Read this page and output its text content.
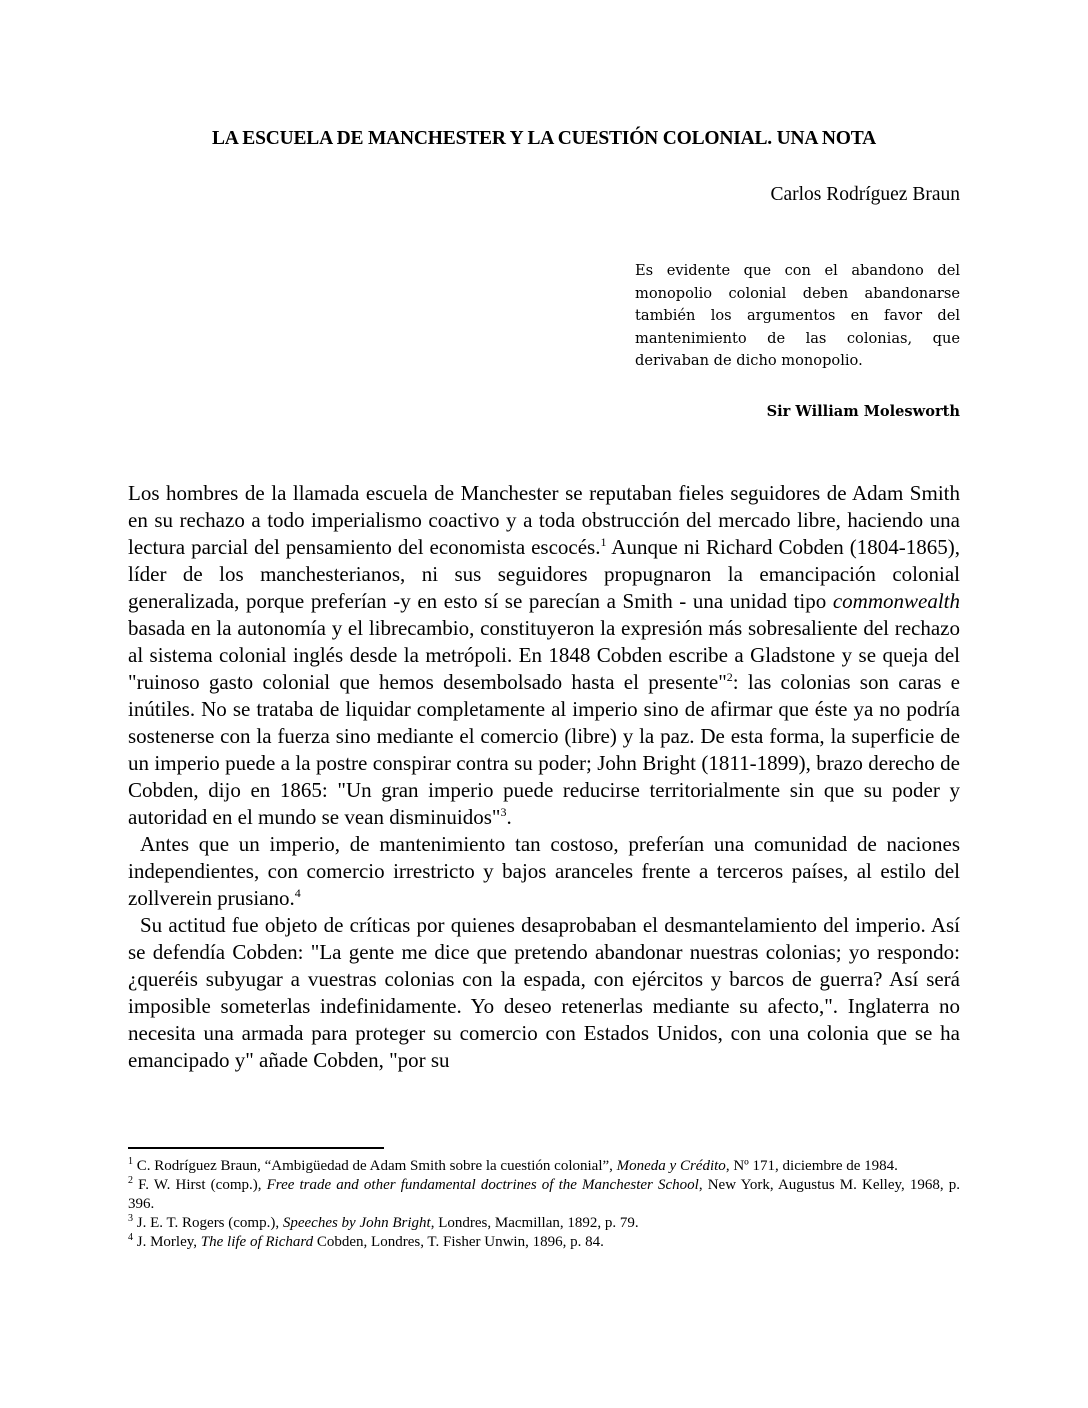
LA ESCUELA DE MANCHESTER Y LA CUESTIÓN COLONIAL. UNA NOTA
Carlos Rodríguez Braun
Es evidente que con el abandono del monopolio colonial deben abandonarse también los argumentos en favor del mantenimiento de las colonias, que derivaban de dicho monopolio.
Sir William Molesworth

Los hombres de la llamada escuela de Manchester se reputaban fieles seguidores de Adam Smith en su rechazo a todo imperialismo coactivo y a toda obstrucción del mercado libre, haciendo una lectura parcial del pensamiento del economista escocés.$^1$ Aunque ni Richard Cobden (1804-1865), líder de los manchesterianos, ni sus seguidores propugnaron la emancipación colonial generalizada, porque preferían -y en esto sí se parecían a Smith - una unidad tipo commonwealth basada en la autonomía y el librecambio, constituyeron la expresión más sobresaliente del rechazo al sistema colonial inglés desde la metrópoli. En 1848 Cobden escribe a Gladstone y se queja del "ruinoso gasto colonial que hemos desembolsado hasta el presente"$^2$: las colonias son caras e inútiles. No se trataba de liquidar completamente al imperio sino de afirmar que éste ya no podría sostenerse con la fuerza sino mediante el comercio (libre) y la paz. De esta forma, la superficie de un imperio puede a la postre conspirar contra su poder; John Bright (1811-1899), brazo derecho de Cobden, dijo en 1865: "Un gran imperio puede reducirse territorialmente sin que su poder y autoridad en el mundo se vean disminuidos"$^3$.

Antes que un imperio, de mantenimiento tan costoso, preferían una comunidad de naciones independientes, con comercio irrestricto y bajos aranceles frente a terceros países, al estilo del zollverein prusiano.$^4$

Su actitud fue objeto de críticas por quienes desaprobaban el desmantelamiento del imperio. Así se defendía Cobden: "La gente me dice que pretendo abandonar nuestras colonias; yo respondo: ¿queréis subyugar a vuestras colonias con la espada, con ejércitos y barcos de guerra? Así será imposible someterlas indefinidamente. Yo deseo retenerlas mediante su afecto,". Inglaterra no necesita una armada para proteger su comercio con Estados Unidos, con una colonia que se ha emancipado y" añade Cobden, "por su

$^1$ C. Rodríguez Braun, “Ambigüedad de Adam Smith sobre la cuestión colonial”, Moneda y Crédito, Nº 171, diciembre de 1984.

$^2$ F. W. Hirst (comp.), Free trade and other fundamental doctrines of the Manchester School, New York, Augustus M. Kelley, 1968, p. 396.

$^3$ J. E. T. Rogers (comp.), Speeches by John Bright, Londres, Macmillan, 1892, p. 79.

$^4$ J. Morley, The life of Richard Cobden, Londres, T. Fisher Unwin, 1896, p. 84.
